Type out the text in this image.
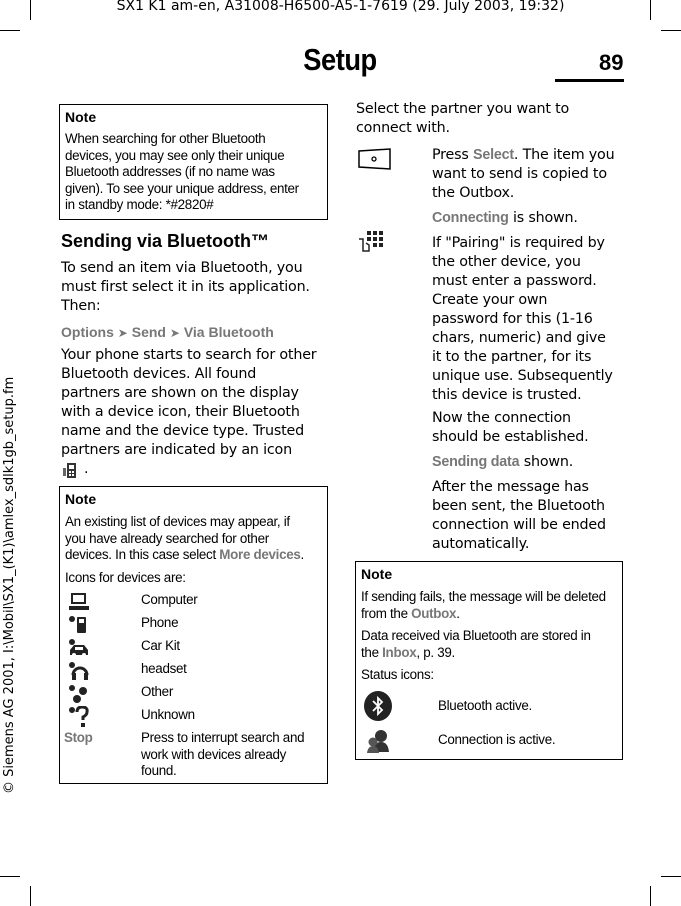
SX1 K1 am-en, A31008-H6500-A5-1-7619 (29. July 2003, 19:32)
Setup	89
© Siemens AG 2001, I:\Mobil\SX1_(K1)\amlex_sdlk1gb_setup.fm
Note
When searching for other Bluetooth
devices, you may see only their unique
Bluetooth addresses (if no name was
given). To see your unique address, enter
in standby mode: *#2820#
Sending via Bluetooth™
To send an item via Bluetooth, you
must first select it in its application.
Then:
Options ➤ Send ➤ Via Bluetooth
Your phone starts to search for other
Bluetooth devices. All found
partners are shown on the display
with a device icon, their Bluetooth
name and the device type. Trusted
partners are indicated by an icon
.
Note
An existing list of devices may appear, if
you have already searched for other
devices. In this case select More devices.
Icons for devices are:
Computer
Phone
Car Kit
headset
Other
Unknown
Stop	Press to interrupt search and
work with devices already
found.
Select the partner you want to
connect with.
Press Select. The item you
want to send is copied to
the Outbox.
Connecting is shown.
If "Pairing" is required by
the other device, you
must enter a password.
Create your own
password for this (1-16
chars, numeric) and give
it to the partner, for its
unique use. Subsequently
this device is trusted.
Now the connection
should be established.
Sending data shown.
After the message has
been sent, the Bluetooth
connection will be ended
automatically.
Note
If sending fails, the message will be deleted
from the Outbox.
Data received via Bluetooth are stored in
the Inbox, p. 39.
Status icons:
Bluetooth active.
Connection is active.
